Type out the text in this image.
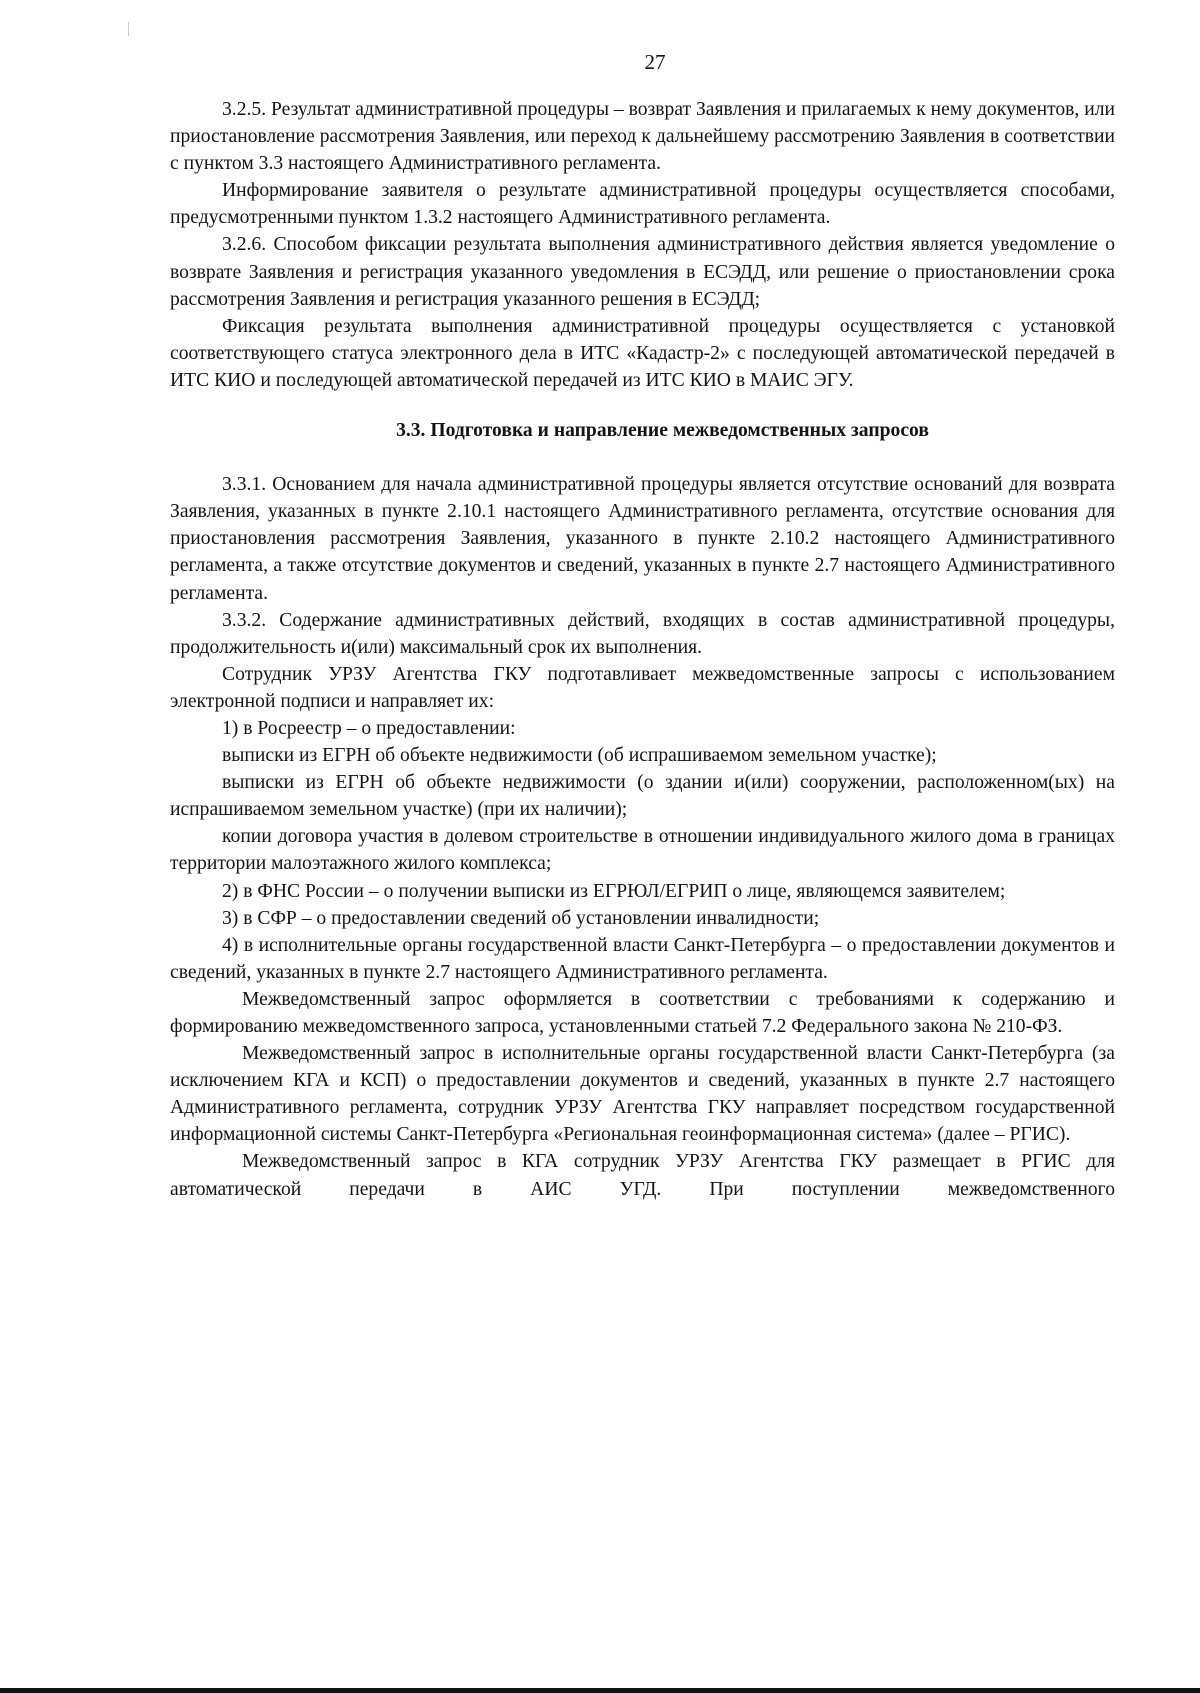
27

3.2.5. Результат административной процедуры – возврат Заявления и прилагаемых к нему документов, или приостановление рассмотрения Заявления, или переход к дальнейшему рассмотрению Заявления в соответствии с пунктом 3.3 настоящего Административного регламента.

Информирование заявителя о результате административной процедуры осуществляется способами, предусмотренными пунктом 1.3.2 настоящего Административного регламента.

3.2.6. Способом фиксации результата выполнения административного действия является уведомление о возврате Заявления и регистрация указанного уведомления в ЕСЭДД, или решение о приостановлении срока рассмотрения Заявления и регистрация указанного решения в ЕСЭДД;

Фиксация результата выполнения административной процедуры осуществляется с установкой соответствующего статуса электронного дела в ИТС «Кадастр-2» с последующей автоматической передачей в ИТС КИО и последующей автоматической передачей из ИТС КИО в МАИС ЭГУ.

3.3. Подготовка и направление межведомственных запросов

3.3.1. Основанием для начала административной процедуры является отсутствие оснований для возврата Заявления, указанных в пункте 2.10.1 настоящего Административного регламента, отсутствие основания для приостановления рассмотрения Заявления, указанного в пункте 2.10.2 настоящего Административного регламента, а также отсутствие документов и сведений, указанных в пункте 2.7 настоящего Административного регламента.

3.3.2. Содержание административных действий, входящих в состав административной процедуры, продолжительность и(или) максимальный срок их выполнения.

Сотрудник УРЗУ Агентства ГКУ подготавливает межведомственные запросы с использованием электронной подписи и направляет их:

1) в Росреестр – о предоставлении:

выписки из ЕГРН об объекте недвижимости (об испрашиваемом земельном участке);

выписки из ЕГРН об объекте недвижимости (о здании и(или) сооружении, расположенном(ых) на испрашиваемом земельном участке) (при их наличии);

копии договора участия в долевом строительстве в отношении индивидуального жилого дома в границах территории малоэтажного жилого комплекса;

2) в ФНС России – о получении выписки из ЕГРЮЛ/ЕГРИП о лице, являющемся заявителем;

3) в СФР – о предоставлении сведений об установлении инвалидности;

4) в исполнительные органы государственной власти Санкт-Петербурга – о предоставлении документов и сведений, указанных в пункте 2.7 настоящего Административного регламента.

Межведомственный запрос оформляется в соответствии с требованиями к содержанию и формированию межведомственного запроса, установленными статьей 7.2 Федерального закона № 210-ФЗ.

Межведомственный запрос в исполнительные органы государственной власти Санкт-Петербурга (за исключением КГА и КСП) о предоставлении документов и сведений, указанных в пункте 2.7 настоящего Административного регламента, сотрудник УРЗУ Агентства ГКУ направляет посредством государственной информационной системы Санкт-Петербурга «Региональная геоинформационная система» (далее – РГИС).

Межведомственный запрос в КГА сотрудник УРЗУ Агентства ГКУ размещает в РГИС для автоматической передачи в АИС УГД. При поступлении межведомственного
